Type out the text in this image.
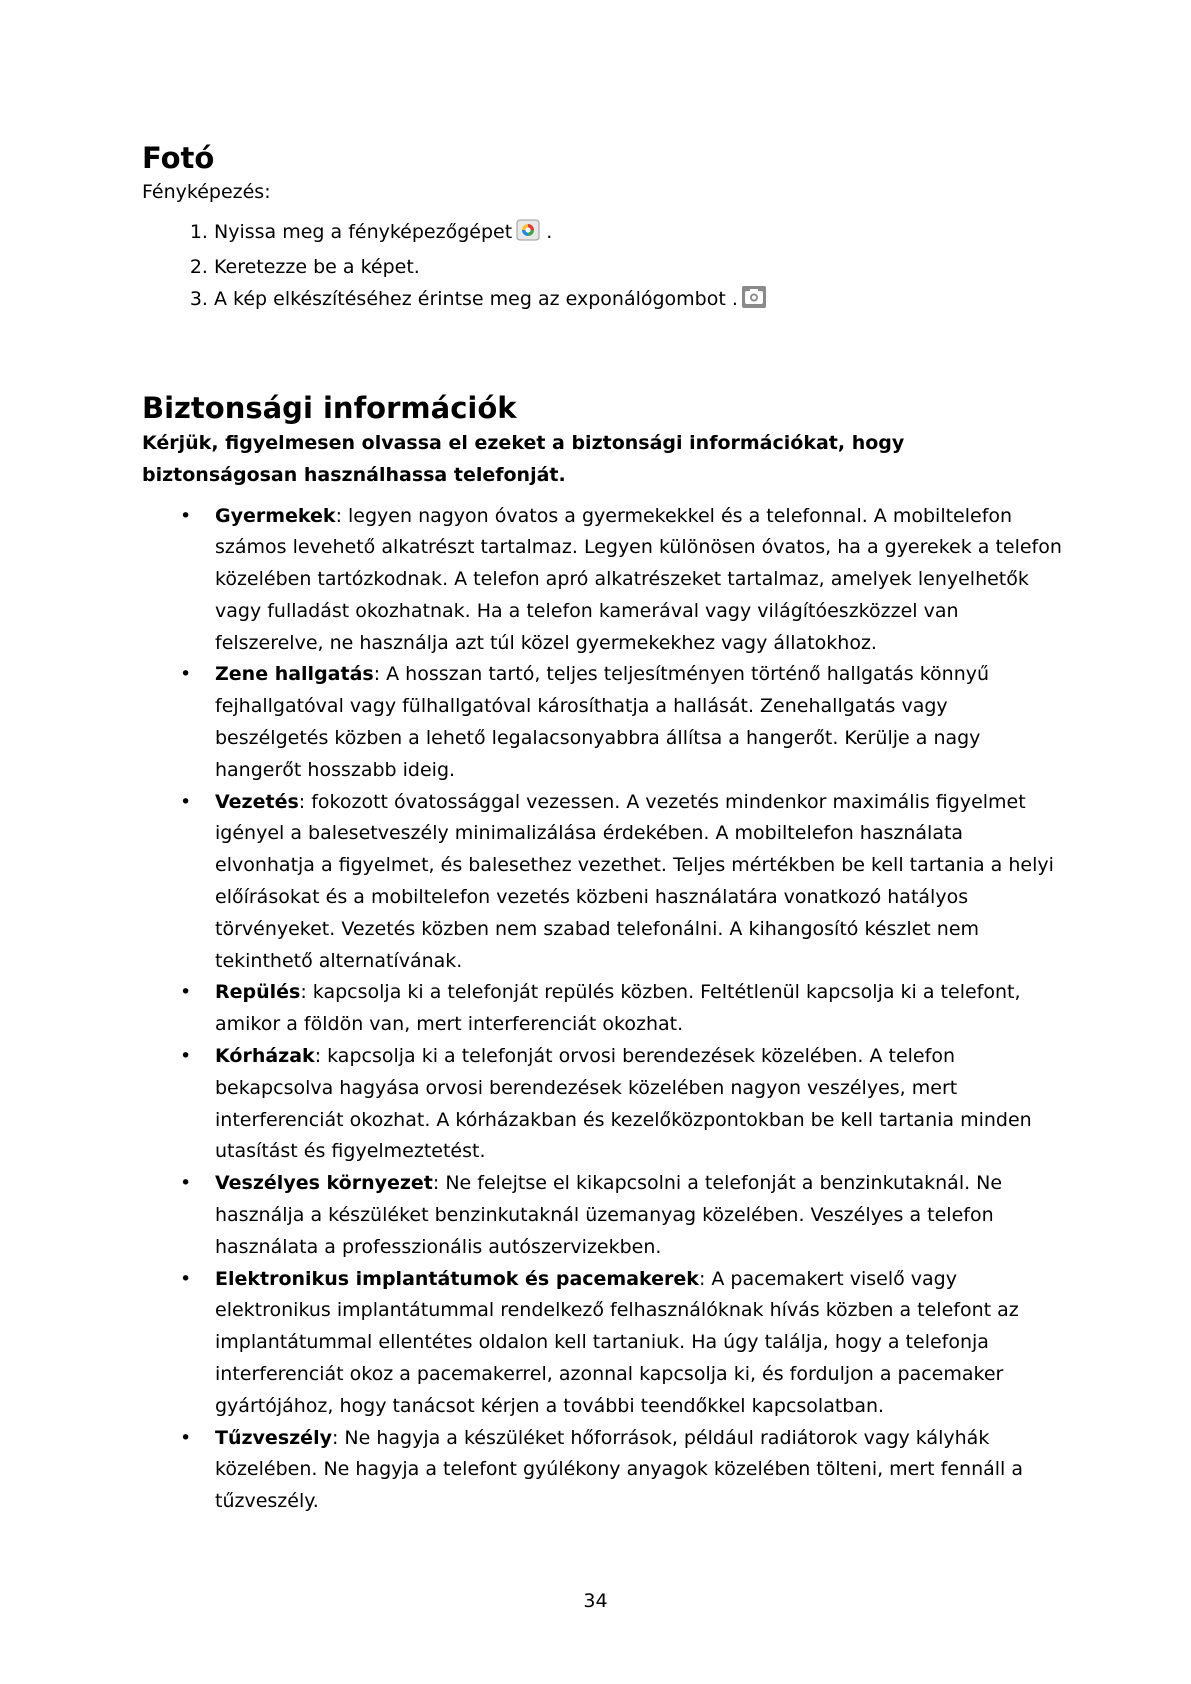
Fotó

Fényképezés:

1. Nyissa meg a fényképezőgépet .
2. Keretezze be a képet.
3. A kép elkészítéséhez érintse meg az exponálógombot .
Biztonsági információk

Kérjük, figyelmesen olvassa el ezeket a biztonsági információkat, hogy biztonságosan használhassa telefonját.

• Gyermekek: legyen nagyon óvatos a gyermekekkel és a telefonnal. A mobiltelefon számos levehető alkatrészt tartalmaz. Legyen különösen óvatos, ha a gyerekek a telefon közelében tartózkodnak. A telefon apró alkatrészeket tartalmaz, amelyek lenyelhetők vagy fulladást okozhatnak. Ha a telefon kamerával vagy világítóeszközzel van felszerelve, ne használja azt túl közel gyermekekhez vagy állatokhoz.
• Zene hallgatás: A hosszan tartó, teljes teljesítményen történő hallgatás könnyű fejhallgatóval vagy fülhallgatóval károsíthatja a hallását. Zenehallgatás vagy beszélgetés közben a lehető legalacsonyabbra állítsa a hangerőt. Kerülje a nagy hangerőt hosszabb ideig.
• Vezetés: fokozott óvatossággal vezessen. A vezetés mindenkor maximális figyelmet igényel a balesetveszély minimalizálása érdekében. A mobiltelefon használata elvonhatja a figyelmet, és balesethez vezethet. Teljes mértékben be kell tartania a helyi előírásokat és a mobiltelefon vezetés közbeni használatára vonatkozó hatályos törvényeket. Vezetés közben nem szabad telefonálni. A kihangosító készlet nem tekinthető alternatívának.
• Repülés: kapcsolja ki a telefonját repülés közben. Feltétlenül kapcsolja ki a telefont, amikor a földön van, mert interferenciát okozhat.
• Kórházak: kapcsolja ki a telefonját orvosi berendezések közelében. A telefon bekapcsolva hagyása orvosi berendezések közelében nagyon veszélyes, mert interferenciát okozhat. A kórházakban és kezelőközpontokban be kell tartania minden utasítást és figyelmeztetést.
• Veszélyes környezet: Ne felejtse el kikapcsolni a telefonját a benzinkutaknál. Ne használja a készüléket benzinkutaknál üzemanyag közelében. Veszélyes a telefon használata a professzionális autószervizekben.
• Elektronikus implantátumok és pacemakerek: A pacemakert viselő vagy elektronikus implantátummal rendelkező felhasználóknak hívás közben a telefont az implantátummal ellentétes oldalon kell tartaniuk. Ha úgy találja, hogy a telefonja interferenciát okoz a pacemakerrel, azonnal kapcsolja ki, és forduljon a pacemaker gyártójához, hogy tanácsot kérjen a további teendőkkel kapcsolatban.
• Tűzveszély: Ne hagyja a készüléket hőforrások, például radiátorok vagy kályhák közelében. Ne hagyja a telefont gyúlékony anyagok közelében tölteni, mert fennáll a tűzveszély.
34
